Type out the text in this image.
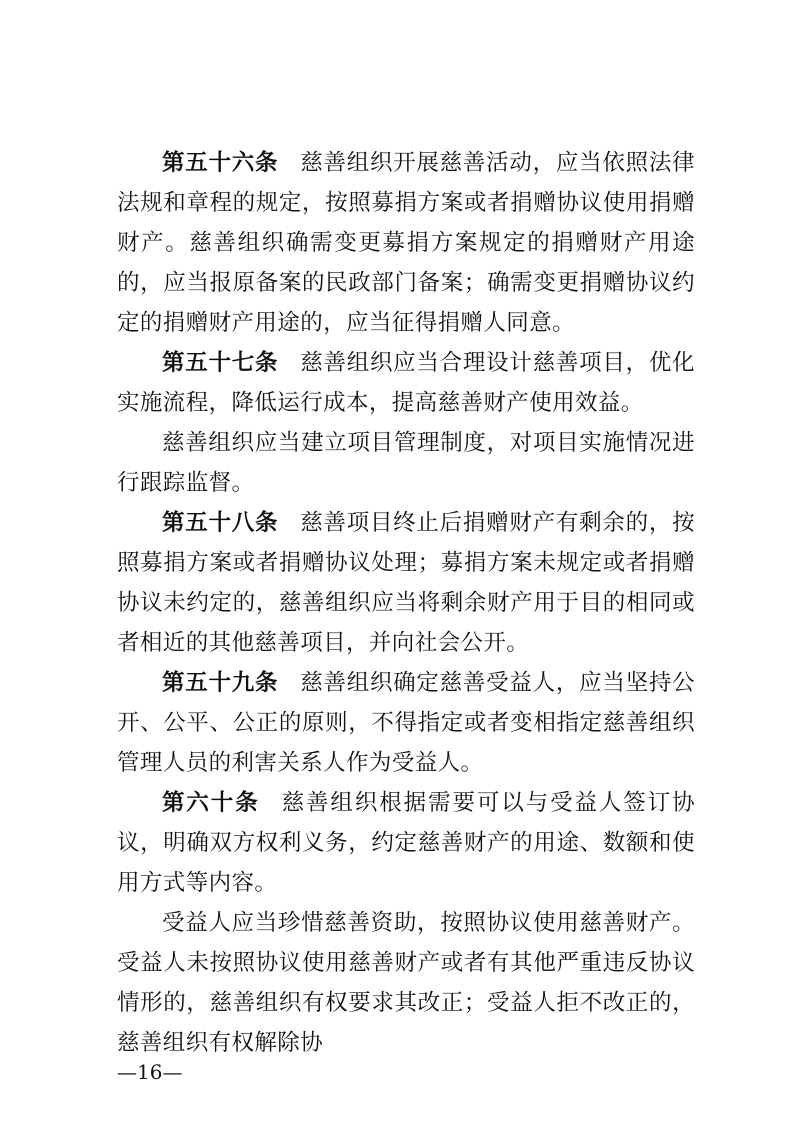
第五十六条 慈善组织开展慈善活动，应当依照法律法规和章程的规定，按照募捐方案或者捐赠协议使用捐赠财产。慈善组织确需变更募捐方案规定的捐赠财产用途的，应当报原备案的民政部门备案；确需变更捐赠协议约定的捐赠财产用途的，应当征得捐赠人同意。

第五十七条 慈善组织应当合理设计慈善项目，优化实施流程，降低运行成本，提高慈善财产使用效益。

慈善组织应当建立项目管理制度，对项目实施情况进行跟踪监督。

第五十八条 慈善项目终止后捐赠财产有剩余的，按照募捐方案或者捐赠协议处理；募捐方案未规定或者捐赠协议未约定的，慈善组织应当将剩余财产用于目的相同或者相近的其他慈善项目，并向社会公开。

第五十九条 慈善组织确定慈善受益人，应当坚持公开、公平、公正的原则，不得指定或者变相指定慈善组织管理人员的利害关系人作为受益人。

第六十条 慈善组织根据需要可以与受益人签订协议，明确双方权利义务，约定慈善财产的用途、数额和使用方式等内容。

受益人应当珍惜慈善资助，按照协议使用慈善财产。受益人未按照协议使用慈善财产或者有其他严重违反协议情形的，慈善组织有权要求其改正；受益人拒不改正的，慈善组织有权解除协

—16—
